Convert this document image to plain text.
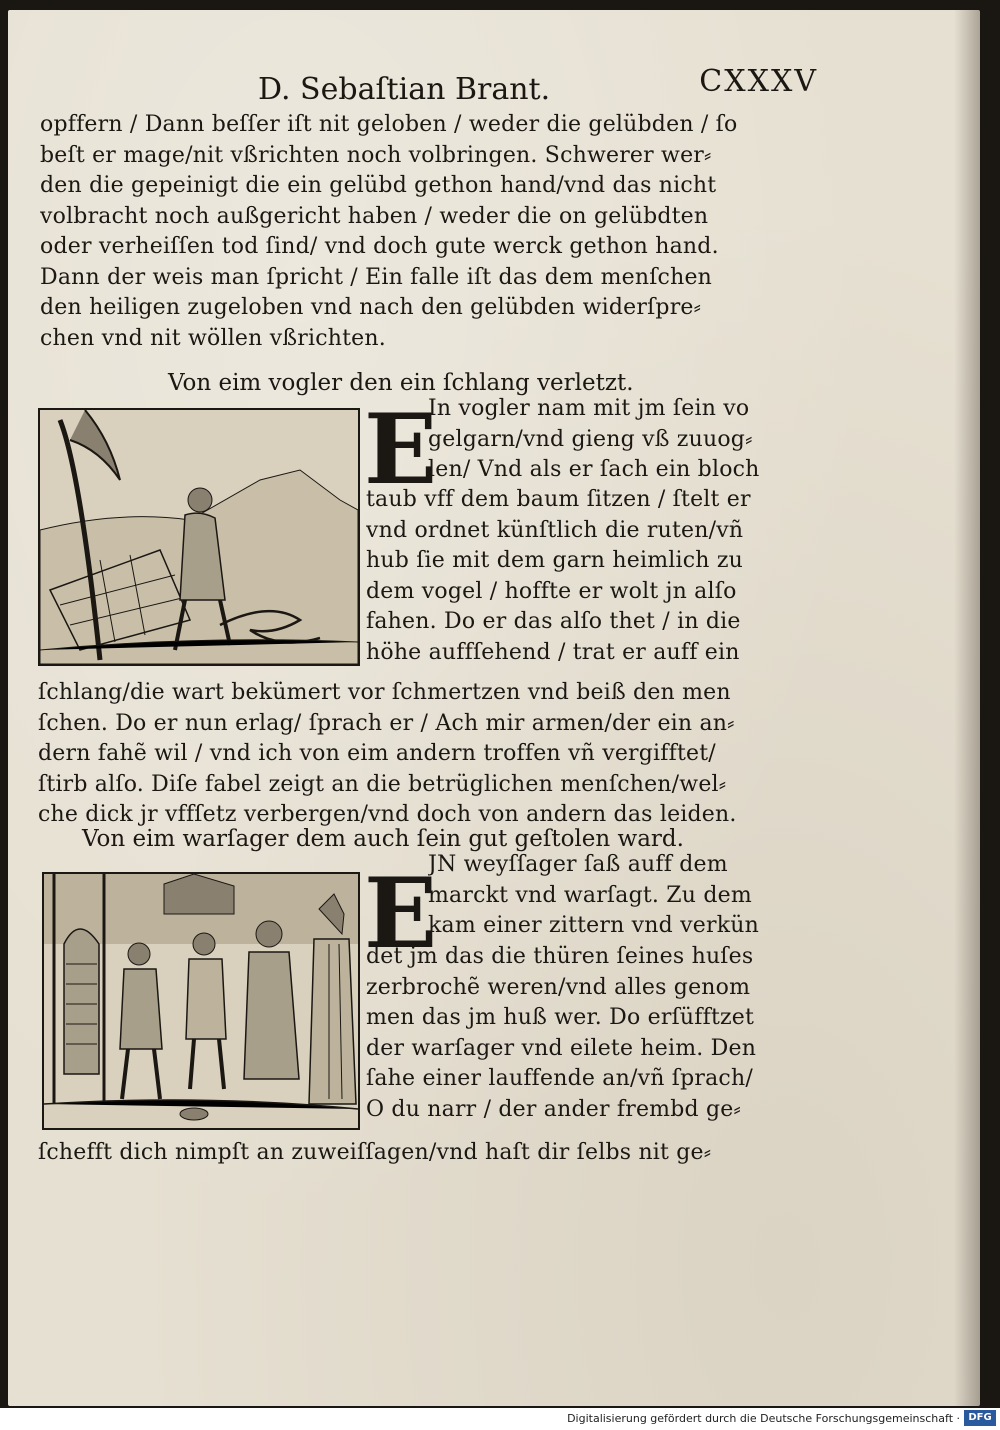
D. Sebaſtian Brant.	CXXXV
opffern / Dann beſſer iſt nit geloben / weder die gelübden / ſo
beſt er mage/nit vßrichten noch volbringen. Schwerer wer⸗
den die gepeinigt die ein gelübd gethon hand/vnd das nicht
volbracht noch außgericht haben / weder die on gelübdten
oder verheiſſen tod ſind/ vnd doch gute werck gethon hand.
Dann der weis man ſpricht / Ein falle iſt das dem menſchen
den heiligen zugeloben vnd nach den gelübden widerſpre⸗
chen vnd nit wöllen vßrichten.
Von eim vogler den ein ſchlang verletzt.
E
In vogler nam mit jm ſein vo
gelgarn/vnd gieng vß zuuog⸗
len/ Vnd als er ſach ein bloch
taub vff dem baum ſitzen / ſtelt er
vnd ordnet künſtlich die ruten/vñ
hub ſie mit dem garn heimlich zu
dem vogel / hoffte er wolt jn alſo
fahen. Do er das alſo thet / in die
höhe auffſehend / trat er auff ein
ſchlang/die wart bekümert vor ſchmertzen vnd beiß den men
ſchen. Do er nun erlag/ ſprach er / Ach mir armen/der ein an⸗
dern fahẽ wil / vnd ich von eim andern troffen vñ vergifftet/
ſtirb alſo. Diſe fabel zeigt an die betrüglichen menſchen/wel⸗
che dick jr vffſetz verbergen/vnd doch von andern das leiden.
Von eim warſager dem auch ſein gut geſtolen ward.
E
JN weyſſager ſaß auff dem
marckt vnd warſagt. Zu dem
kam einer zittern vnd verkün
det jm das die thüren ſeines huſes
zerbrochẽ weren/vnd alles genom
men das jm huß wer. Do erſüfftzet
der warſager vnd eilete heim. Den
ſahe einer lauffende an/vñ ſprach/
O du narr / der ander frembd ge⸗
ſchefft dich nimpſt an zuweiſſagen/vnd haſt dir ſelbs nit ge⸗
Digitalisierung gefördert durch die Deutsche Forschungsgemeinschaft · DFG
